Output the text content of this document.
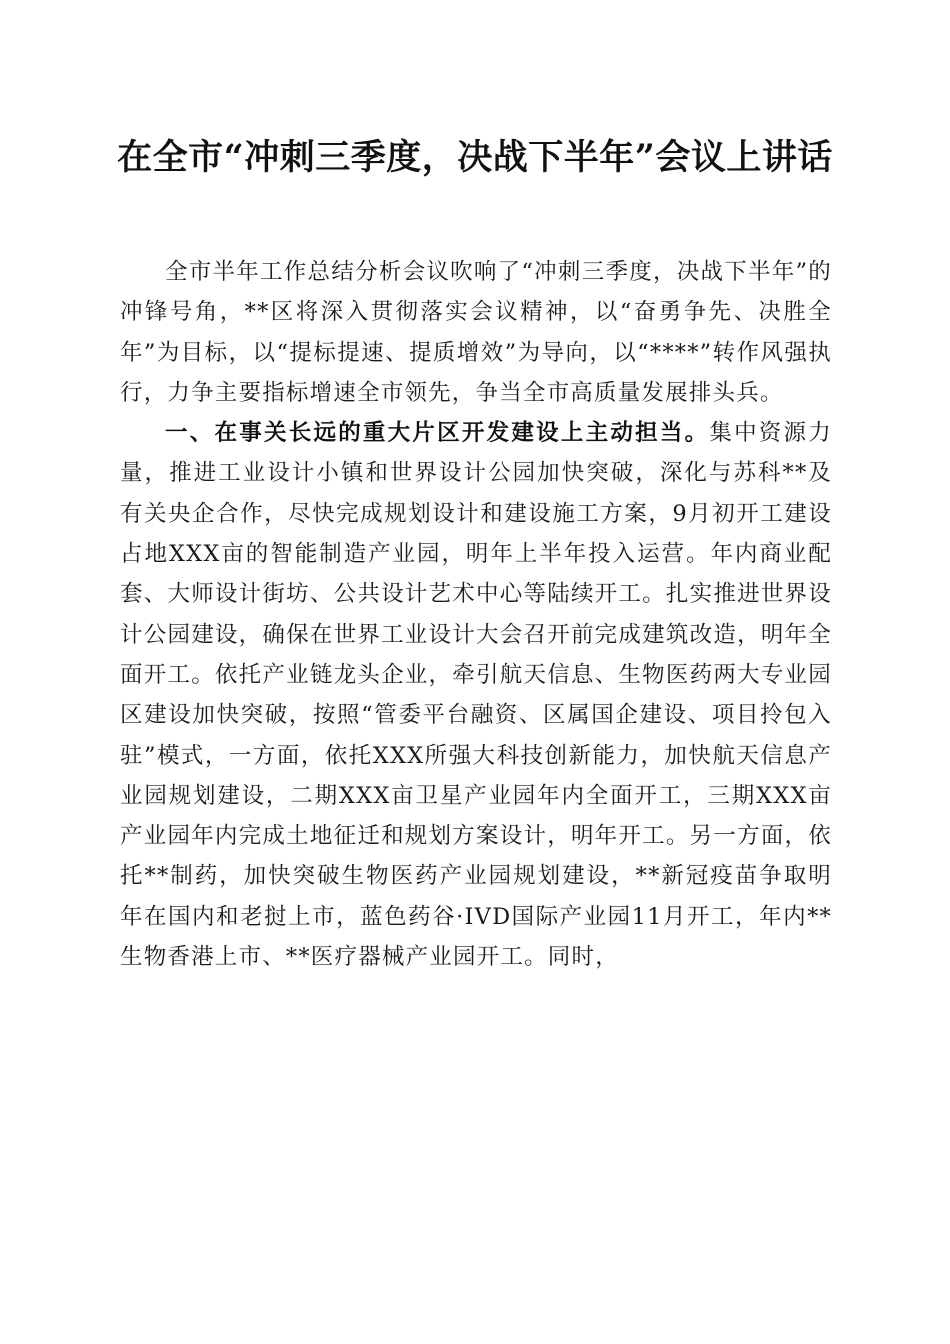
在全市“冲刺三季度，决战下半年”会议上讲话

全市半年工作总结分析会议吹响了“冲刺三季度，决战下半年”的冲锋号角，**区将深入贯彻落实会议精神，以“奋勇争先、决胜全年”为目标，以“提标提速、提质增效”为导向，以“****”转作风强执行，力争主要指标增速全市领先，争当全市高质量发展排头兵。

一、在事关长远的重大片区开发建设上主动担当。集中资源力量，推进工业设计小镇和世界设计公园加快突破，深化与苏科**及有关央企合作，尽快完成规划设计和建设施工方案，9月初开工建设占地XXX亩的智能制造产业园，明年上半年投入运营。年内商业配套、大师设计街坊、公共设计艺术中心等陆续开工。扎实推进世界设计公园建设，确保在世界工业设计大会召开前完成建筑改造，明年全面开工。依托产业链龙头企业，牵引航天信息、生物医药两大专业园区建设加快突破，按照“管委平台融资、区属国企建设、项目拎包入驻”模式，一方面，依托XXX所强大科技创新能力，加快航天信息产业园规划建设，二期XXX亩卫星产业园年内全面开工，三期XXX亩产业园年内完成土地征迁和规划方案设计，明年开工。另一方面，依托**制药，加快突破生物医药产业园规划建设，**新冠疫苗争取明年在国内和老挝上市，蓝色药谷·IVD国际产业园11月开工，年内**生物香港上市、**医疗器械产业园开工。同时，
